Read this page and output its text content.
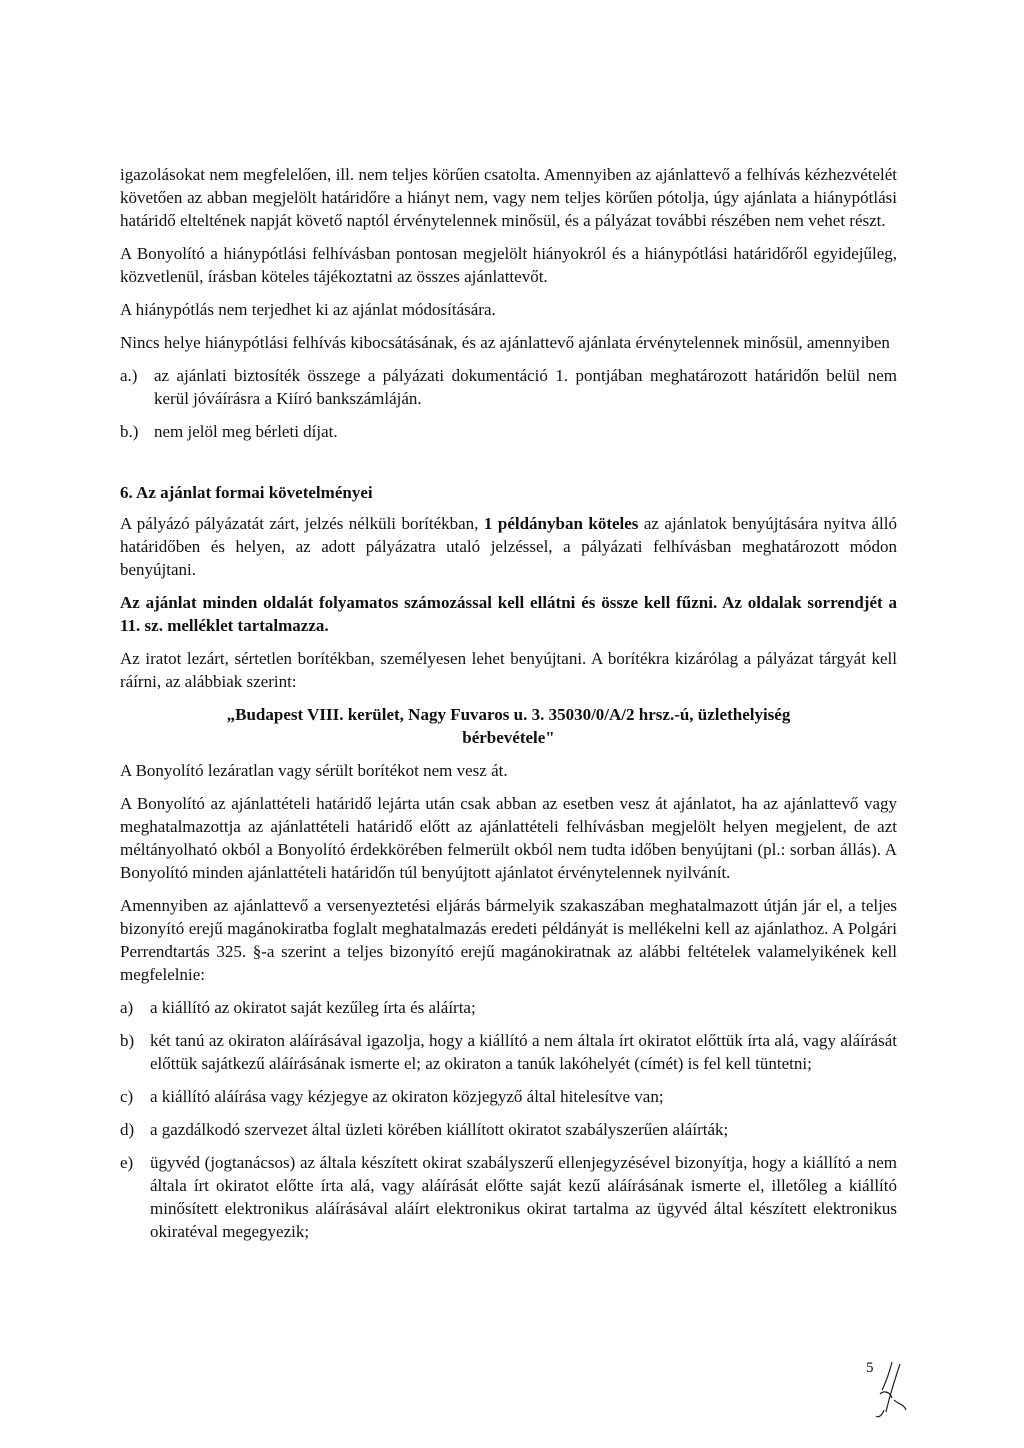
igazolásokat nem megfelelően, ill. nem teljes körűen csatolta. Amennyiben az ajánlattevő a felhívás kézhezvételét követően az abban megjelölt határidőre a hiányt nem, vagy nem teljes körűen pótolja, úgy ajánlata a hiánypótlási határidő elteltének napját követő naptól érvénytelennek minősül, és a pályázat további részében nem vehet részt.

A Bonyolító a hiánypótlási felhívásban pontosan megjelölt hiányokról és a hiánypótlási határidőről egyidejűleg, közvetlenül, írásban köteles tájékoztatni az összes ajánlattevőt.

A hiánypótlás nem terjedhet ki az ajánlat módosítására.

Nincs helye hiánypótlási felhívás kibocsátásának, és az ajánlattevő ajánlata érvénytelennek minősül, amennyiben

a.) az ajánlati biztosíték összege a pályázati dokumentáció 1. pontjában meghatározott határidőn belül nem kerül jóváírásra a Kiíró bankszámláján.
b.) nem jelöl meg bérleti díjat.
6. Az ajánlat formai követelményei

A pályázó pályázatát zárt, jelzés nélküli borítékban, 1 példányban köteles az ajánlatok benyújtására nyitva álló határidőben és helyen, az adott pályázatra utaló jelzéssel, a pályázati felhívásban meghatározott módon benyújtani.

Az ajánlat minden oldalát folyamatos számozással kell ellátni és össze kell fűzni. Az oldalak sorrendjét a 11. sz. melléklet tartalmazza.

Az iratot lezárt, sértetlen borítékban, személyesen lehet benyújtani. A borítékra kizárólag a pályázat tárgyát kell ráírni, az alábbiak szerint:

„Budapest VIII. kerület, Nagy Fuvaros u. 3. 35030/0/A/2 hrsz.-ú, üzlethelyiség
bérbevétele"

A Bonyolító lezáratlan vagy sérült borítékot nem vesz át.

A Bonyolító az ajánlattételi határidő lejárta után csak abban az esetben vesz át ajánlatot, ha az ajánlattevő vagy meghatalmazottja az ajánlattételi határidő előtt az ajánlattételi felhívásban megjelölt helyen megjelent, de azt méltányolható okból a Bonyolító érdekkörében felmerült okból nem tudta időben benyújtani (pl.: sorban állás). A Bonyolító minden ajánlattételi határidőn túl benyújtott ajánlatot érvénytelennek nyilvánít.

Amennyiben az ajánlattevő a versenyeztetési eljárás bármelyik szakaszában meghatalmazott útján jár el, a teljes bizonyító erejű magánokiratba foglalt meghatalmazás eredeti példányát is mellékelni kell az ajánlathoz. A Polgári Perrendtartás 325. §-a szerint a teljes bizonyító erejű magánokiratnak az alábbi feltételek valamelyikének kell megfelelnie:

a) a kiállító az okiratot saját kezűleg írta és aláírta;
b) két tanú az okiraton aláírásával igazolja, hogy a kiállító a nem általa írt okiratot előttük írta alá, vagy aláírását előttük sajátkezű aláírásának ismerte el; az okiraton a tanúk lakóhelyét (címét) is fel kell tüntetni;
c) a kiállító aláírása vagy kézjegye az okiraton közjegyző által hitelesítve van;
d) a gazdálkodó szervezet által üzleti körében kiállított okiratot szabályszerűen aláírták;
e) ügyvéd (jogtanácsos) az általa készített okirat szabályszerű ellenjegyzésével bizonyítja, hogy a kiállító a nem általa írt okiratot előtte írta alá, vagy aláírását előtte saját kezű aláírásának ismerte el, illetőleg a kiállító minősített elektronikus aláírásával aláírt elektronikus okirat tartalma az ügyvéd által készített elektronikus okiratéval megegyezik;
5
